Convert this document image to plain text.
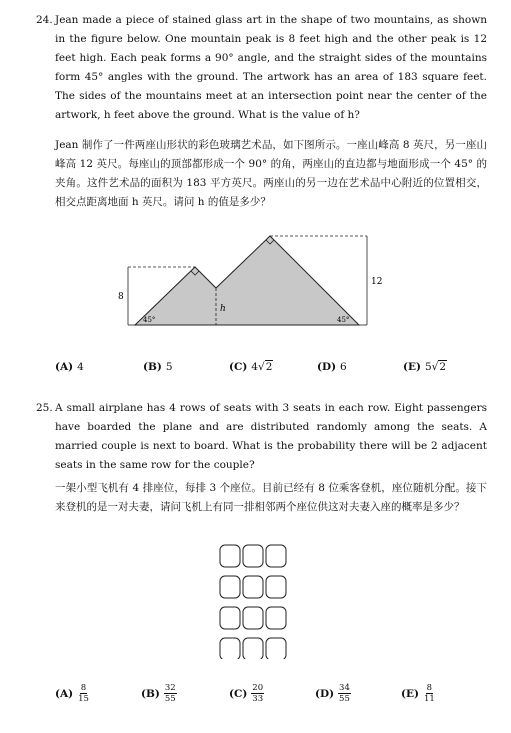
24. Jean made a piece of stained glass art in the shape of two mountains, as shown in the figure below. One mountain peak is 8 feet high and the other peak is 12 feet high. Each peak forms a 90° angle, and the straight sides of the mountains form 45° angles with the ground. The artwork has an area of 183 square feet. The sides of the mountains meet at an intersection point near the center of the artwork, h feet above the ground. What is the value of h?

Jean 制作了一件两座山形状的彩色玻璃艺术品，如下图所示。一座山峰高 8 英尺，另一座山峰高 12 英尺。每座山的顶部都形成一个 90° 的角，两座山的直边都与地面形成一个 45° 的夹角。这件艺术品的面积为 183 平方英尺。两座山的另一边在艺术品中心附近的位置相交，相交点距离地面 h 英尺。请问 h 的值是多少？

8
12
h
45°	45°
(A) 4	(B) 5	(C) 4√2	(D) 6	(E) 5√2
25. A small airplane has 4 rows of seats with 3 seats in each row. Eight passengers have boarded the plane and are distributed randomly among the seats. A married couple is next to board. What is the probability there will be 2 adjacent seats in the same row for the couple?

一架小型飞机有 4 排座位，每排 3 个座位。目前已经有 8 位乘客登机，座位随机分配。接下来登机的是一对夫妻，请问飞机上有同一排相邻两个座位供这对夫妻入座的概率是多少？

$(A) \frac{8}{15}$	$(B) \frac{32}{55}$	$(C) \frac{20}{33}$	$(D) \frac{34}{55}$	$(E) \frac{8}{11}$
